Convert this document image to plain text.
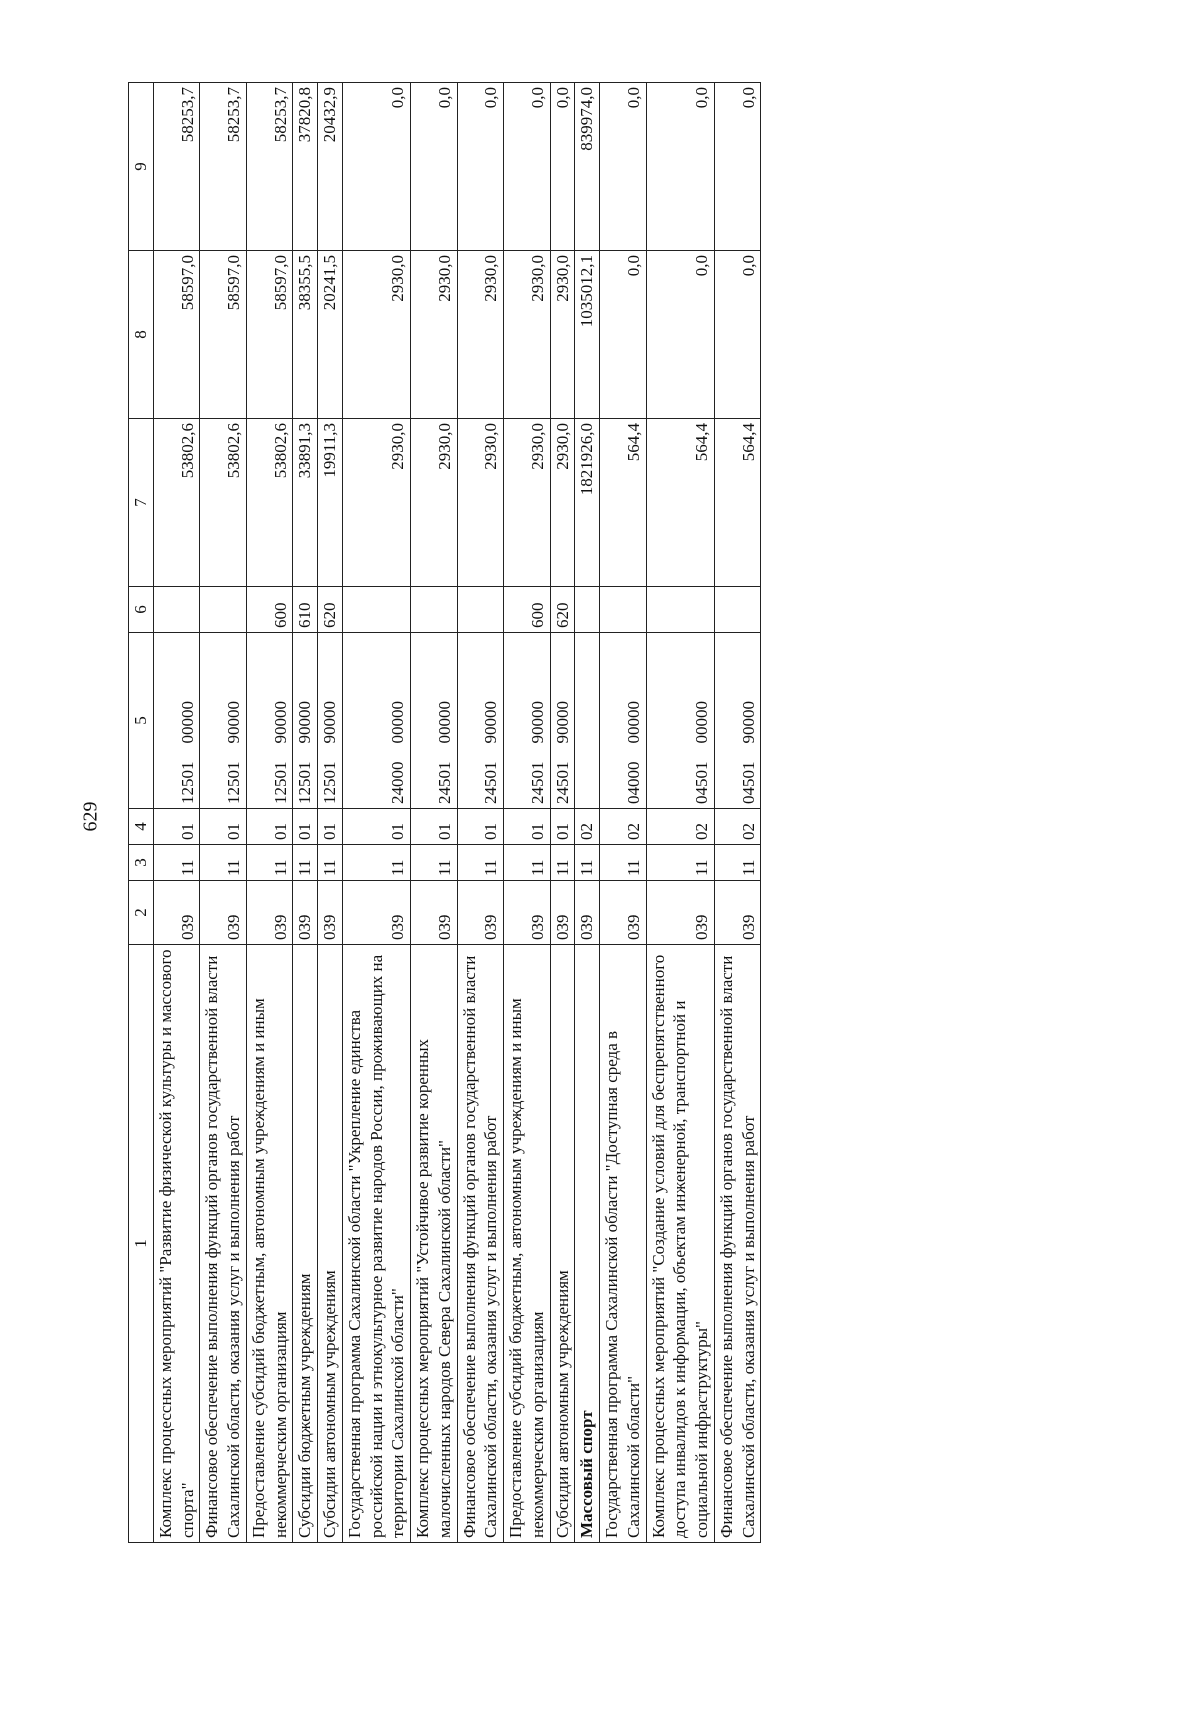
629
1	2	3	4	5	6	7	8	9
Комплекс процессных мероприятий "Развитие физической культуры и массового спорта"	039	11	01	1250100000		53802,6	58597,0	58253,7
Финансовое обеспечение выполнения функций органов государственной власти Сахалинской области, оказания услуг и выполнения работ	039	11	01	1250190000		53802,6	58597,0	58253,7
Предоставление субсидий бюджетным, автономным учреждениям и иным некоммерческим организациям	039	11	01	1250190000	600	53802,6	58597,0	58253,7
Субсидии бюджетным учреждениям	039	11	01	1250190000	610	33891,3	38355,5	37820,8
Субсидии автономным учреждениям	039	11	01	1250190000	620	19911,3	20241,5	20432,9
Государственная программа Сахалинской области "Укрепление единства российской нации и этнокультурное развитие народов России, проживающих на территории Сахалинской области"	039	11	01	2400000000		2930,0	2930,0	0,0
Комплекс процессных мероприятий "Устойчивое развитие коренных малочисленных народов Севера Сахалинской области"	039	11	01	2450100000		2930,0	2930,0	0,0
Финансовое обеспечение выполнения функций органов государственной власти Сахалинской области, оказания услуг и выполнения работ	039	11	01	2450190000		2930,0	2930,0	0,0
Предоставление субсидий бюджетным, автономным учреждениям и иным некоммерческим организациям	039	11	01	2450190000	600	2930,0	2930,0	0,0
Субсидии автономным учреждениям	039	11	01	2450190000	620	2930,0	2930,0	0,0
Массовый спорт	039	11	02			1821926,0	1035012,1	839974,0
Государственная программа Сахалинской области "Доступная среда в Сахалинской области"	039	11	02	0400000000		564,4	0,0	0,0
Комплекс процессных мероприятий "Создание условий для беспрепятственного доступа инвалидов к информации, объектам инженерной, транспортной и социальной инфраструктуры"	039	11	02	0450100000		564,4	0,0	0,0
Финансовое обеспечение выполнения функций органов государственной власти Сахалинской области, оказания услуг и выполнения работ	039	11	02	0450190000		564,4	0,0	0,0
